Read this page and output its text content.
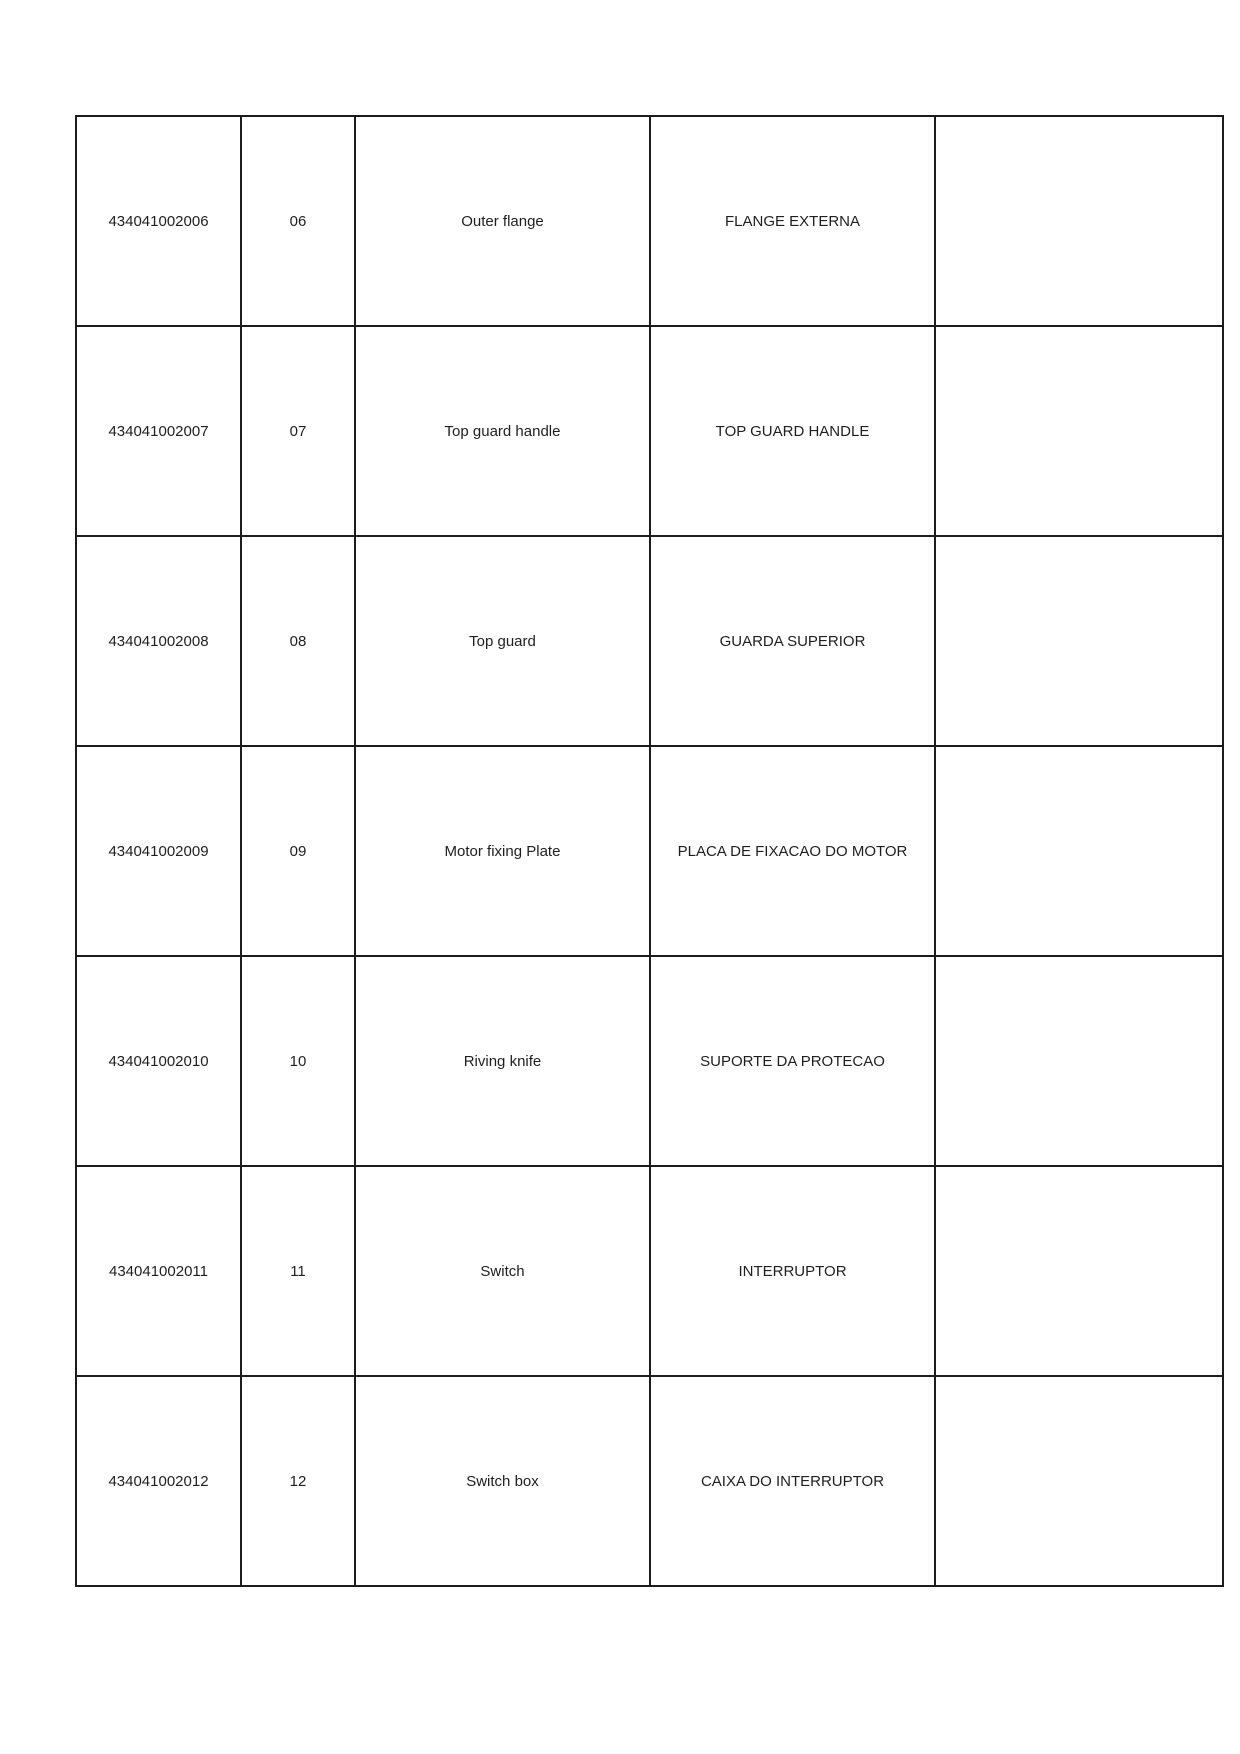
434041002006	06	Outer flange	FLANGE EXTERNA	

434041002007	07	Top guard handle	TOP GUARD HANDLE	

434041002008	08	Top guard	GUARDA SUPERIOR	

434041002009	09	Motor fixing Plate	PLACA DE FIXACAO DO MOTOR	

434041002010	10	Riving knife	SUPORTE DA PROTECAO	

434041002011	11	Switch	INTERRUPTOR	

434041002012	12	Switch box	CAIXA DO INTERRUPTOR	
